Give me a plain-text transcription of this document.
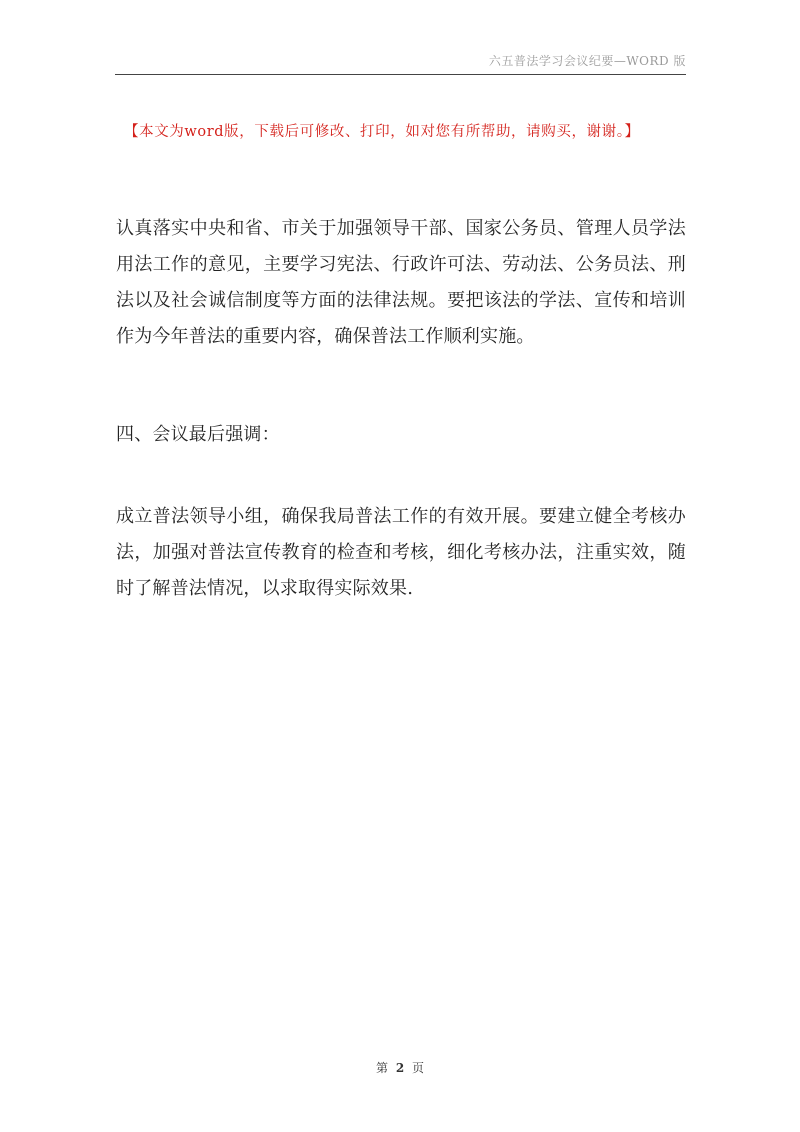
六五普法学习会议纪要—WORD 版
【本文为word版，下载后可修改、打印，如对您有所帮助，请购买，谢谢。】

认真落实中央和省、市关于加强领导干部、国家公务员、管理人员学法用法工作的意见，主要学习宪法、行政许可法、劳动法、公务员法、刑法以及社会诚信制度等方面的法律法规。要把该法的学法、宣传和培训作为今年普法的重要内容，确保普法工作顺利实施。

四、会议最后强调：

成立普法领导小组，确保我局普法工作的有效开展。要建立健全考核办法，加强对普法宣传教育的检查和考核，细化考核办法，注重实效，随时了解普法情况，以求取得实际效果.

第 2 页
